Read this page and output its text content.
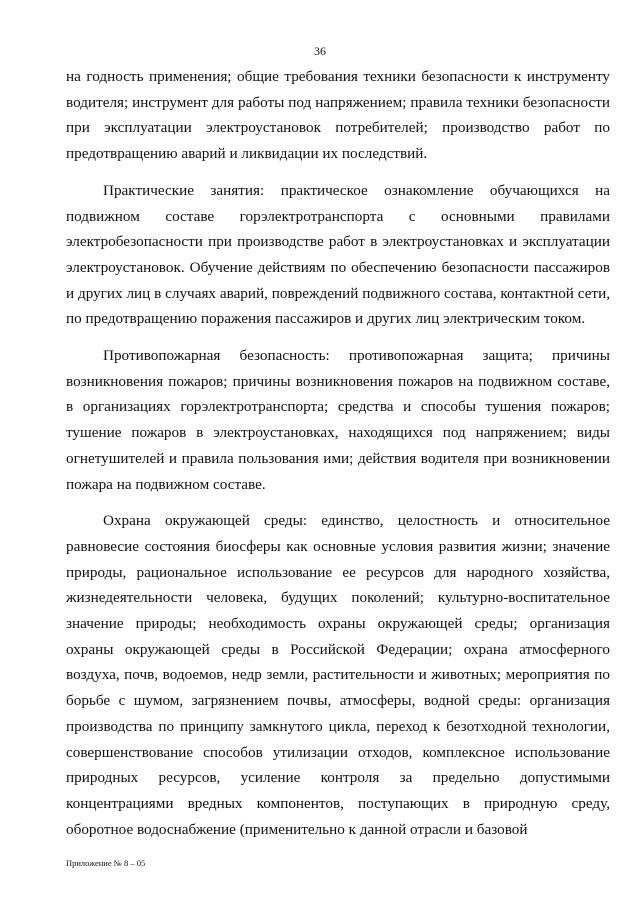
36

на годность применения; общие требования техники безопасности к инструменту водителя; инструмент для работы под напряжением; правила техники безопасности при эксплуатации электроустановок потребителей; производство работ по предотвращению аварий и ликвидации их последствий.

Практические занятия: практическое ознакомление обучающихся на подвижном составе горэлектротранспорта с основными правилами электробезопасности при производстве работ в электроустановках и эксплуатации электроустановок. Обучение действиям по обеспечению безопасности пассажиров и других лиц в случаях аварий, повреждений подвижного состава, контактной сети, по предотвращению поражения пассажиров и других лиц электрическим током.

Противопожарная безопасность: противопожарная защита; причины возникновения пожаров; причины возникновения пожаров на подвижном составе, в организациях горэлектротранспорта; средства и способы тушения пожаров; тушение пожаров в электроустановках, находящихся под напряжением; виды огнетушителей и правила пользования ими; действия водителя при возникновении пожара на подвижном составе.

Охрана окружающей среды: единство, целостность и относительное равновесие состояния биосферы как основные условия развития жизни; значение природы, рациональное использование ее ресурсов для народного хозяйства, жизнедеятельности человека, будущих поколений; культурно-воспитательное значение природы; необходимость охраны окружающей среды; организация охраны окружающей среды в Российской Федерации; охрана атмосферного воздуха, почв, водоемов, недр земли, растительности и животных; мероприятия по борьбе с шумом, загрязнением почвы, атмосферы, водной среды: организация производства по принципу замкнутого цикла, переход к безотходной технологии, совершенствование способов утилизации отходов, комплексное использование природных ресурсов, усиление контроля за предельно допустимыми концентрациями вредных компонентов, поступающих в природную среду, оборотное водоснабжение (применительно к данной отрасли и базовой

Приложение № 8 – 05
